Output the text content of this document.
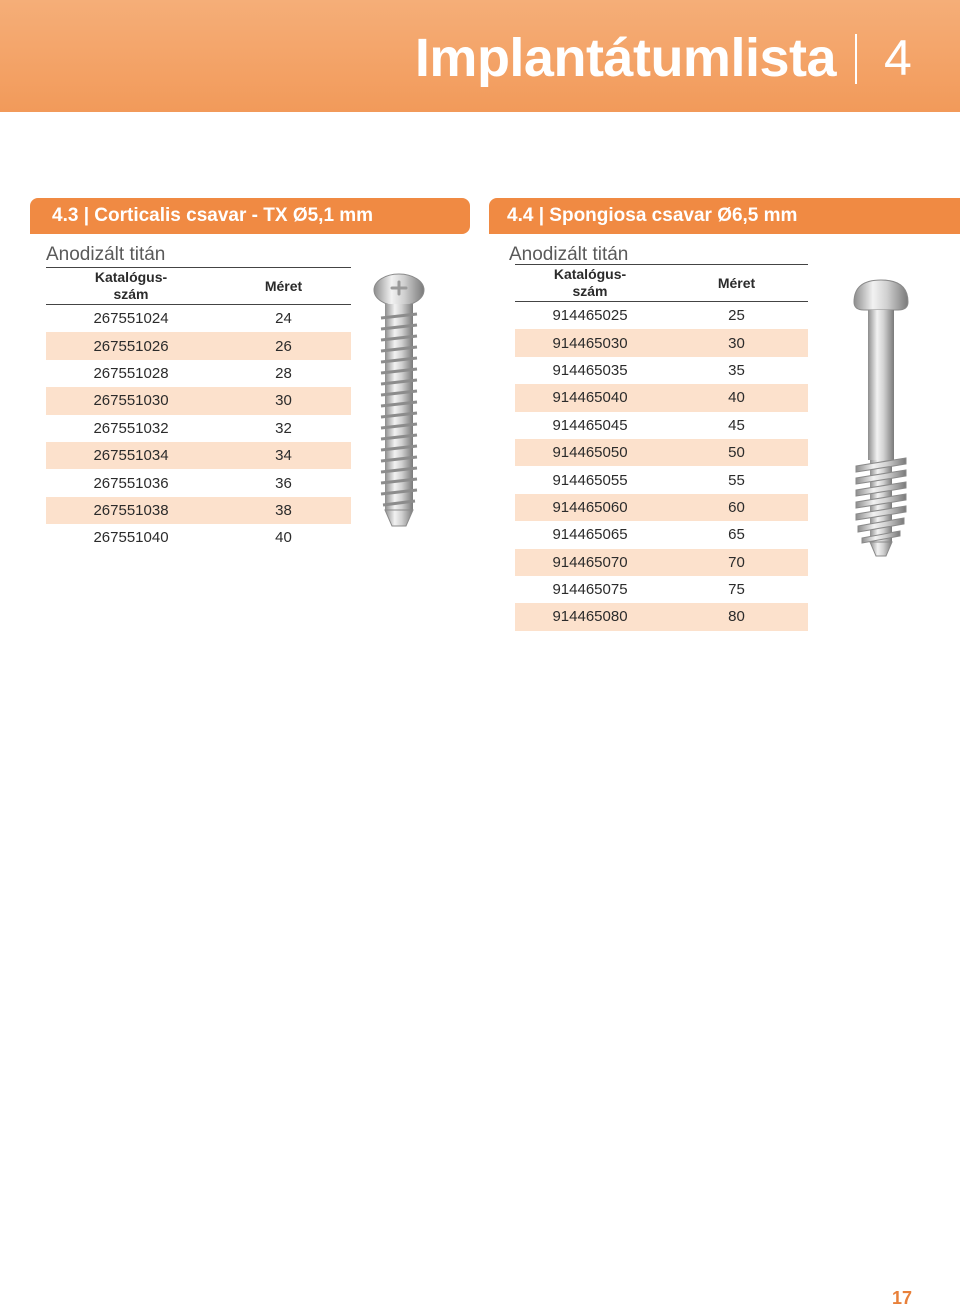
Implantátumlista 4
4.3 | Corticalis csavar - TX Ø5,1 mm
Anodizált titán
Katalógus-
szám	Méret
267551024	24
267551026	26
267551028	28
267551030	30
267551032	32
267551034	34
267551036	36
267551038	38
267551040	40
4.4 | Spongiosa csavar Ø6,5 mm
Anodizált titán
Katalógus-
szám	Méret
914465025	25
914465030	30
914465035	35
914465040	40
914465045	45
914465050	50
914465055	55
914465060	60
914465065	65
914465070	70
914465075	75
914465080	80
17
